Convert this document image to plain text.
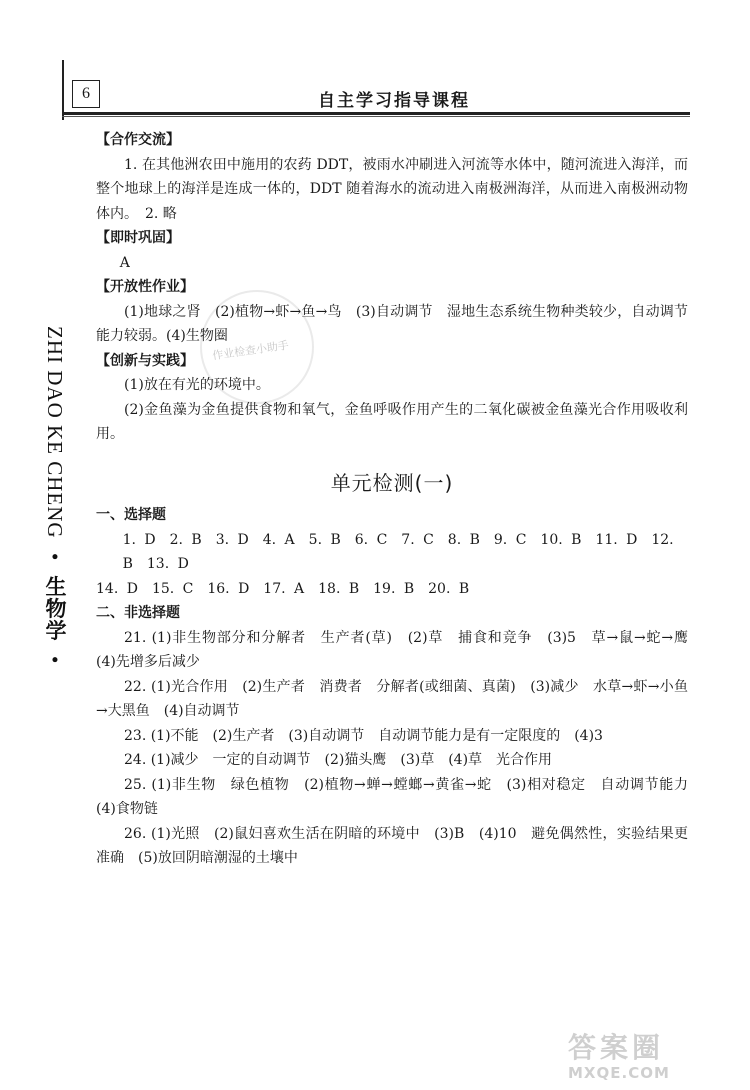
6	自主学习指导课程
ZHI DAO KE CHENG • 生物学 •
作业检查小助手

【合作交流】

1. 在其他洲农田中施用的农药 DDT，被雨水冲刷进入河流等水体中，随河流进入海洋，而整个地球上的海洋是连成一体的，DDT 随着海水的流动进入南极洲海洋，从而进入南极洲动物体内。　2. 略

【即时巩固】

A

【开放性作业】

(1)地球之肾　(2)植物→虾→鱼→鸟　(3)自动调节　湿地生态系统生物种类较少，自动调节能力较弱。(4)生物圈

【创新与实践】

(1)放在有光的环境中。

(2)金鱼藻为金鱼提供食物和氧气，金鱼呼吸作用产生的二氧化碳被金鱼藻光合作用吸收利用。

单元检测(一)

一、选择题

1. D　2. B　3. D　4. A　5. B　6. C　7. C　8. B　9. C　10. B　11. D　12. B　13. D

14. D　15. C　16. D　17. A　18. B　19. B　20. B

二、非选择题

21. (1)非生物部分和分解者　生产者(草)　(2)草　捕食和竞争　(3)5　草→鼠→蛇→鹰　(4)先增多后减少

22. (1)光合作用　(2)生产者　消费者　分解者(或细菌、真菌)　(3)减少　水草→虾→小鱼→大黑鱼　(4)自动调节

23. (1)不能　(2)生产者　(3)自动调节　自动调节能力是有一定限度的　(4)3

24. (1)减少　一定的自动调节　(2)猫头鹰　(3)草　(4)草　光合作用

25. (1)非生物　绿色植物　(2)植物→蝉→螳螂→黄雀→蛇　(3)相对稳定　自动调节能力　(4)食物链

26. (1)光照　(2)鼠妇喜欢生活在阴暗的环境中　(3)B　(4)10　避免偶然性，实验结果更准确　(5)放回阴暗潮湿的土壤中

答案圈
MXQE.COM
